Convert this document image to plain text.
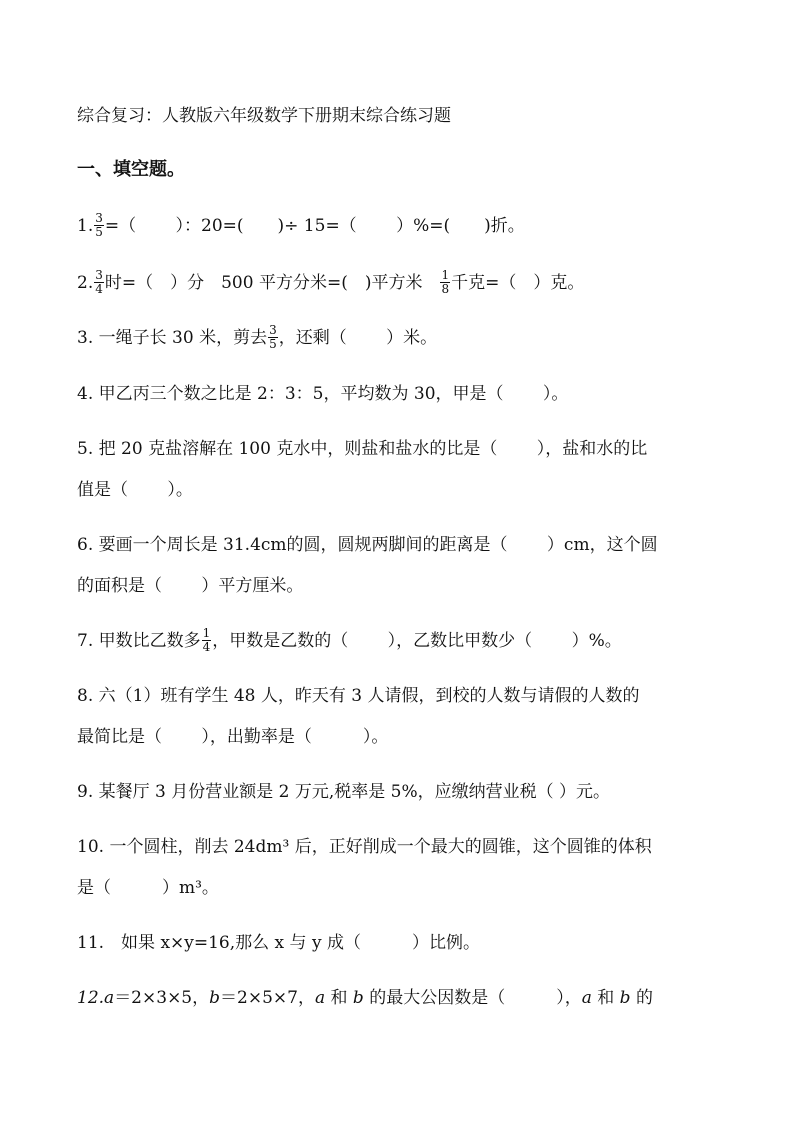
综合复习：人教版六年级数学下册期末综合练习题
一、填空题。
1. $\frac{3}{5}$ =（　　 ）：20=(　　)÷ 15=（　　 ）%=(　　)折。
2. $\frac{3}{4}$ 时=（　）分　500 平方分米=(　)平方米　 $\frac{1}{8}$ 千克=（　）克。
3. 一绳子长 30 米，剪去 $\frac{3}{5}$ ，还剩（　　 ）米。
4. 甲乙丙三个数之比是 2：3：5，平均数为 30，甲是（　　 ）。
5. 把 20 克盐溶解在 100 克水中，则盐和盐水的比是（　　 ），盐和水的比
值是（　　 ）。
6. 要画一个周长是 31.4cm的圆，圆规两脚间的距离是（　　 ）cm，这个圆
的面积是（　　 ）平方厘米。
7. 甲数比乙数多 $\frac{1}{4}$ ，甲数是乙数的（　　 ），乙数比甲数少（　　 ）%。
8. 六（1）班有学生 48 人，昨天有 3 人请假，到校的人数与请假的人数的
最简比是（　　 ），出勤率是（　　　）。
9. 某餐厅 3 月份营业额是 2 万元,税率是 5%，应缴纳营业税（ ）元。
10. 一个圆柱，削去 24dm³ 后，正好削成一个最大的圆锥，这个圆锥的体积
是（　　　）m³。
11.　如果 x×y=16,那么 x 与 y 成（　　　）比例。
12.a＝2×3×5，b＝2×5×7，a 和 b 的最大公因数是（　　　），a 和 b 的
